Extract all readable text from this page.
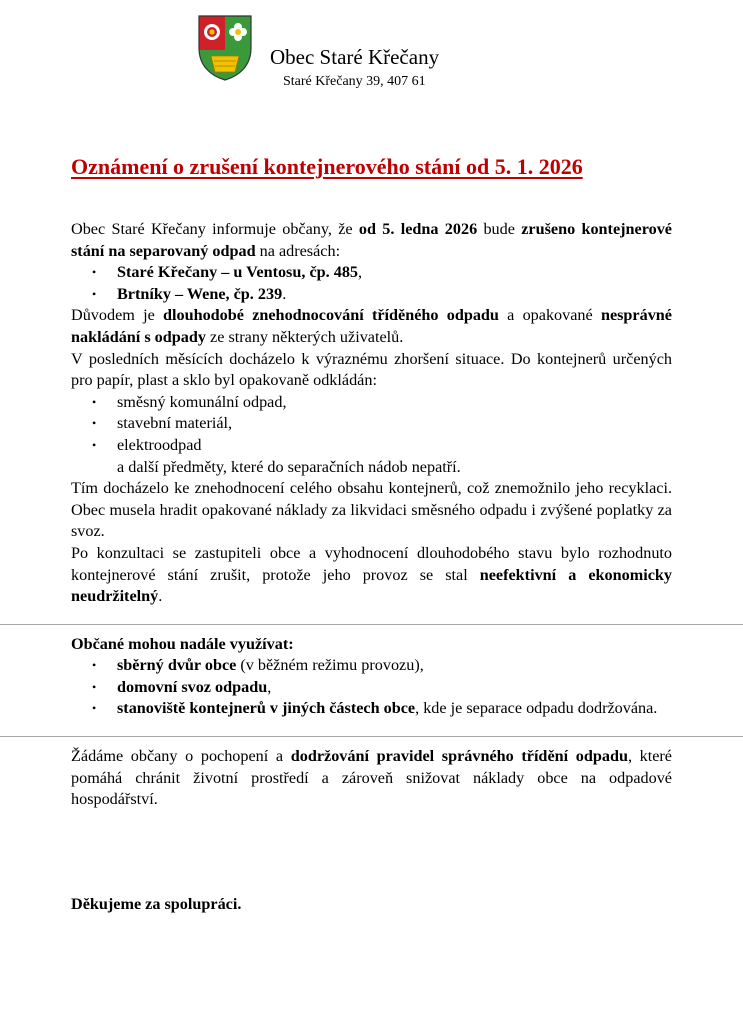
Obec Staré Křečany
Staré Křečany 39, 407 61
Oznámení o zrušení kontejnerového stání od 5. 1. 2026

Obec Staré Křečany informuje občany, že od 5. ledna 2026 bude zrušeno kontejnerové stání na separovaný odpad na adresách:

• Staré Křečany – u Ventosu, čp. 485,
• Brtníky – Wene, čp. 239.

Důvodem je dlouhodobé znehodnocování tříděného odpadu a opakované nesprávné nakládání s odpady ze strany některých uživatelů.

V posledních měsících docházelo k výraznému zhoršení situace. Do kontejnerů určených pro papír, plast a sklo byl opakovaně odkládán:

• směsný komunální odpad,
• stavební materiál,
• elektroodpad
a další předměty, které do separačních nádob nepatří.

Tím docházelo ke znehodnocení celého obsahu kontejnerů, což znemožnilo jeho recyklaci. Obec musela hradit opakované náklady za likvidaci směsného odpadu i zvýšené poplatky za svoz.

Po konzultaci se zastupiteli obce a vyhodnocení dlouhodobého stavu bylo rozhodnuto kontejnerové stání zrušit, protože jeho provoz se stal neefektivní a ekonomicky neudržitelný.

Občané mohou nadále využívat:

• sběrný dvůr obce (v běžném režimu provozu),
• domovní svoz odpadu,
• stanoviště kontejnerů v jiných částech obce, kde je separace odpadu dodržována.

Žádáme občany o pochopení a dodržování pravidel správného třídění odpadu, které pomáhá chránit životní prostředí a zároveň snižovat náklady obce na odpadové hospodářství.

Děkujeme za spolupráci.
